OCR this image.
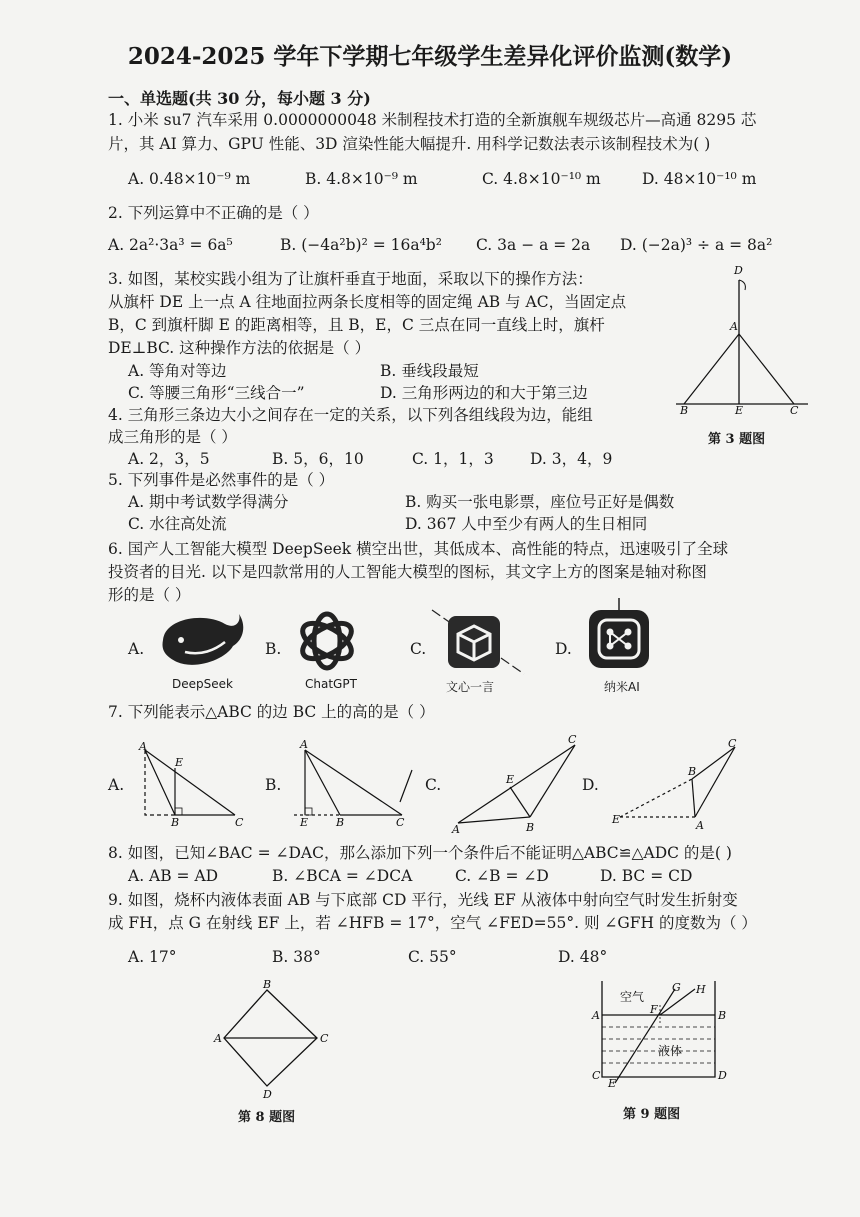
2024-2025 学年下学期七年级学生差异化评价监测(数学)
一、单选题(共 30 分，每小题 3 分)
1. 小米 su7 汽车采用 0.0000000048 米制程技术打造的全新旗舰车规级芯片—高通 8295 芯
片，其 AI 算力、GPU 性能、3D 渲染性能大幅提升. 用科学记数法表示该制程技术为( )
A. 0.48×10⁻⁹ m	B. 4.8×10⁻⁹ m	C. 4.8×10⁻¹⁰ m	D. 48×10⁻¹⁰ m
2. 下列运算中不正确的是（ ）
A. 2a²·3a³ = 6a⁵	B. (−4a²b)² = 16a⁴b² C. 3a − a = 2a D. (−2a)³ ÷ a = 8a²
3. 如图，某校实践小组为了让旗杆垂直于地面，采取以下的操作方法：
从旗杆 DE 上一点 A 往地面拉两条长度相等的固定绳 AB 与 AC，当固定点
B，C 到旗杆脚 E 的距离相等，且 B，E，C 三点在同一直线上时，旗杆
DE⊥BC. 这种操作方法的依据是（ ）
A. 等角对等边	B. 垂线段最短
C. 等腰三角形“三线合一”	D. 三角形两边的和大于第三边
D
A
B	E	C
第 3 题图
4. 三角形三条边大小之间存在一定的关系，以下列各组线段为边，能组
成三角形的是（ ）
A. 2，3，5	B. 5，6，10	C. 1，1，3 D. 3，4，9
5. 下列事件是必然事件的是（ ）
A. 期中考试数学得满分	B. 购买一张电影票，座位号正好是偶数
C. 水往高处流	D. 367 人中至少有两人的生日相同
6. 国产人工智能大模型 DeepSeek 横空出世，其低成本、高性能的特点，迅速吸引了全球
投资者的目光. 以下是四款常用的人工智能大模型的图标，其文字上方的图案是轴对称图
形的是（ ）
A.
DeepSeek
B.
ChatGPT
C.
文心一言
D.
纳米AI
7. 下列能表示△ABC 的边 BC 上的高的是（ ）
A.
A
E
B	C
B.
A
E	B	C
C.
A
E
B
C
D.
A
B
C
E
8. 如图，已知∠BAC = ∠DAC，那么添加下列一个条件后不能证明△ABC≌△ADC 的是( )
A. AB = AD	B. ∠BCA = ∠DCA	C. ∠B = ∠D	D. BC = CD
9. 如图，烧杯内液体表面 AB 与下底部 CD 平行，光线 EF 从液体中射向空气时发生折射变
成 FH，点 G 在射线 EF 上，若 ∠HFB = 17°，空气 ∠FED=55°. 则 ∠GFH 的度数为（ ）
A. 17°	B. 38°	C. 55°	D. 48°
B
A	C
D
第 8 题图
空气
液体
G H
A	B
F
C	D
E
第 9 题图
